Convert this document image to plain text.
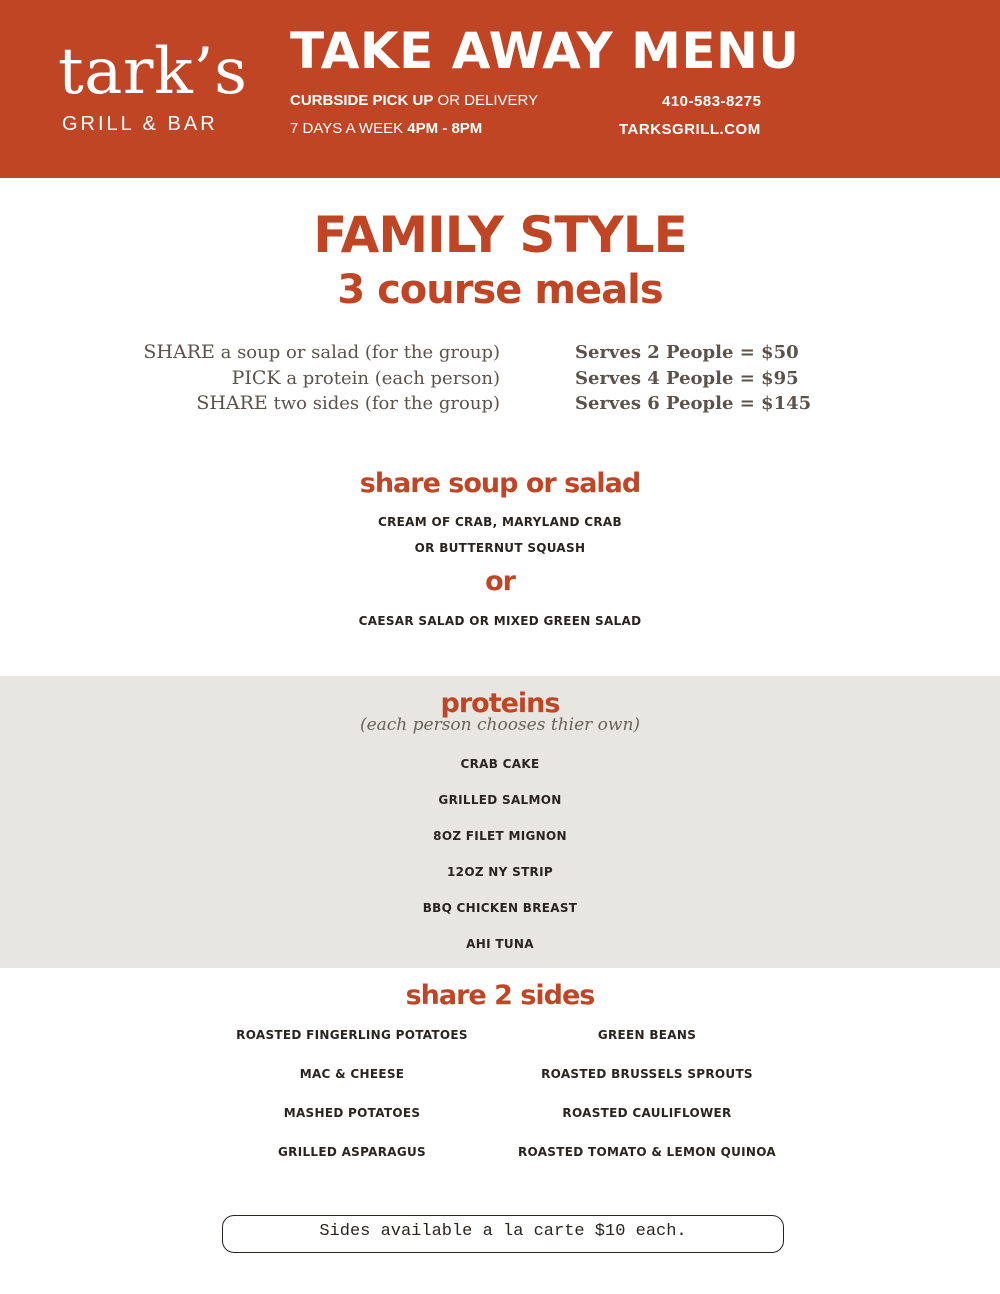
tark’s
GRILL & BAR
TAKE AWAY MENU
CURBSIDE PICK UP OR DELIVERY
7 DAYS A WEEK 4PM - 8PM
410-583-8275
TARKSGRILL.COM
FAMILY STYLE
3 course meals
SHARE a soup or salad (for the group)
PICK a protein (each person)
SHARE two sides (for the group)
Serves 2 People = $50
Serves 4 People = $95
Serves 6 People = $145
share soup or salad
CREAM OF CRAB, MARYLAND CRAB
OR BUTTERNUT SQUASH
or
CAESAR SALAD OR MIXED GREEN SALAD
proteins
(each person chooses thier own)
CRAB CAKE
GRILLED SALMON
8OZ FILET MIGNON
12OZ NY STRIP
BBQ CHICKEN BREAST
AHI TUNA
share 2 sides
ROASTED FINGERLING POTATOES
MAC & CHEESE
MASHED POTATOES
GRILLED ASPARAGUS
GREEN BEANS
ROASTED BRUSSELS SPROUTS
ROASTED CAULIFLOWER
ROASTED TOMATO & LEMON QUINOA
Sides available a la carte $10 each.
